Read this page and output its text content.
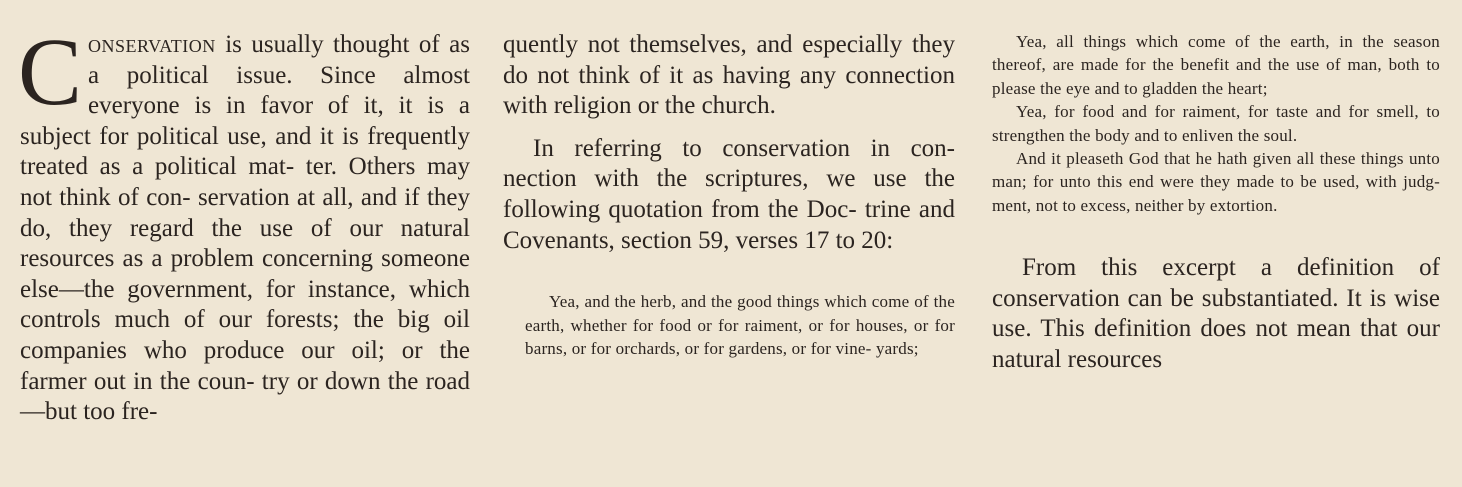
Conservation is usually thought of as a political issue. Since almost everyone is in favor of it, it is a subject for political use, and it is frequently treated as a political mat- ter. Others may not think of con- servation at all, and if they do, they regard the use of our natural resources as a problem concerning someone else—the government, for instance, which controls much of our forests; the big oil companies who produce our oil; or the farmer out in the coun- try or down the road—but too fre-

quently not themselves, and especially they do not think of it as having any connection with religion or the church.

In referring to conservation in con- nection with the scriptures, we use the following quotation from the Doc- trine and Covenants, section 59, verses 17 to 20:

Yea, and the herb, and the good things which come of the earth, whether for food or for raiment, or for houses, or for barns, or for orchards, or for gardens, or for vine- yards;

Yea, all things which come of the earth, in the season thereof, are made for the benefit and the use of man, both to please the eye and to gladden the heart;

Yea, for food and for raiment, for taste and for smell, to strengthen the body and to enliven the soul.

And it pleaseth God that he hath given all these things unto man; for unto this end were they made to be used, with judg- ment, not to excess, neither by extortion.

From this excerpt a definition of conservation can be substantiated. It is wise use. This definition does not mean that our natural resources
